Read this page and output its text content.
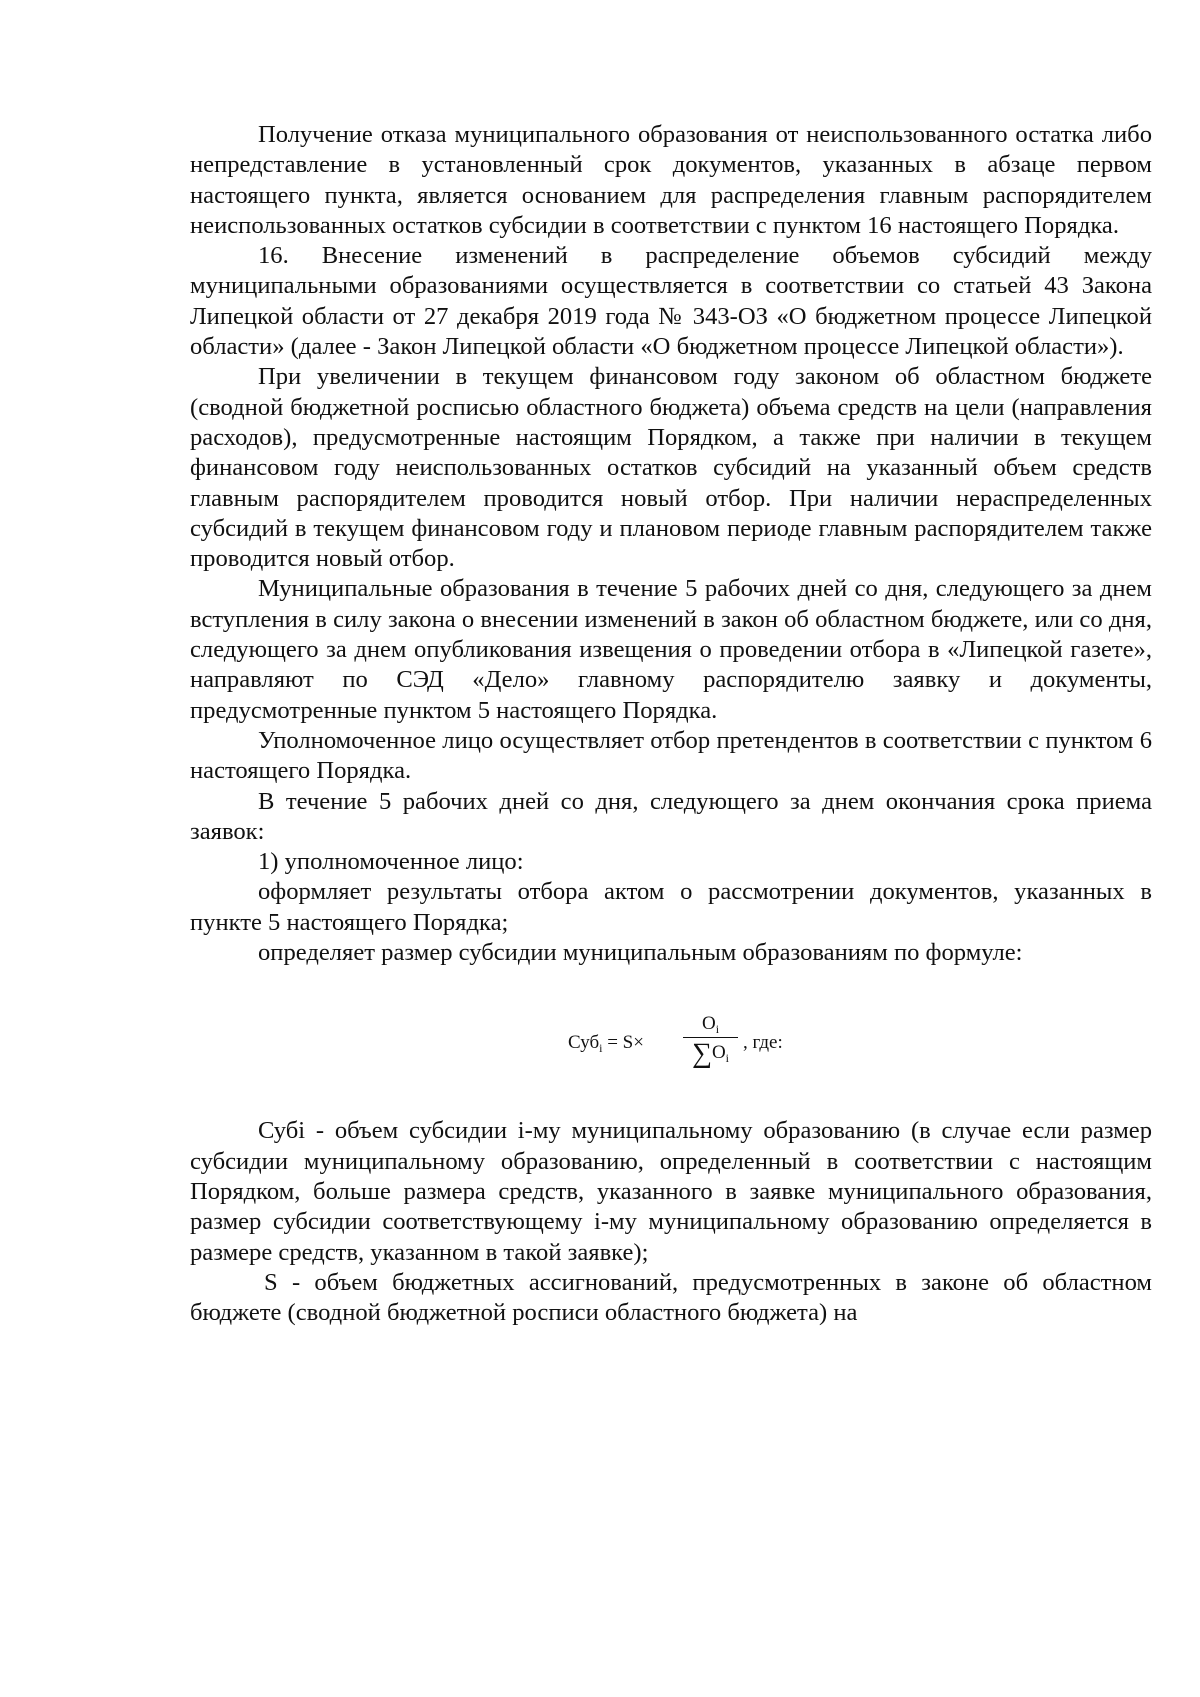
Получение отказа муниципального образования от неиспользованного остатка либо непредставление в установленный срок документов, указанных в абзаце первом настоящего пункта, является основанием для распределения главным распорядителем неиспользованных остатков субсидии в соответствии с пунктом 16 настоящего Порядка.

16. Внесение изменений в распределение объемов субсидий между муниципальными образованиями осуществляется в соответствии со статьей 43 Закона Липецкой области от 27 декабря 2019 года № 343-ОЗ «О бюджетном процессе Липецкой области» (далее - Закон Липецкой области «О бюджетном процессе Липецкой области»).

При увеличении в текущем финансовом году законом об областном бюджете (сводной бюджетной росписью областного бюджета) объема средств на цели (направления расходов), предусмотренные настоящим Порядком, а также при наличии в текущем финансовом году неиспользованных остатков субсидий на указанный объем средств главным распорядителем проводится новый отбор. При наличии нераспределенных субсидий в текущем финансовом году и плановом периоде главным распорядителем также проводится новый отбор.

Муниципальные образования в течение 5 рабочих дней со дня, следующего за днем вступления в силу закона о внесении изменений в закон об областном бюджете, или со дня, следующего за днем опубликования извещения о проведении отбора в «Липецкой газете», направляют по СЭД «Дело» главному распорядителю заявку и документы, предусмотренные пунктом 5 настоящего Порядка.

Уполномоченное лицо осуществляет отбор претендентов в соответствии с пунктом 6 настоящего Порядка.

В течение 5 рабочих дней со дня, следующего за днем окончания срока приема заявок:

1) уполномоченное лицо:

оформляет результаты отбора актом о рассмотрении документов, указанных в пункте 5 настоящего Порядка;

определяет размер субсидии муниципальным образованиям по формуле:

Суб$_i$ = S×
$O_i$
$\sum O_i$
, где:

Субi - объем субсидии i-му муниципальному образованию (в случае если размер субсидии муниципальному образованию, определенный в соответствии с настоящим Порядком, больше размера средств, указанного в заявке муниципального образования, размер субсидии соответствующему i-му муниципальному образованию определяется в размере средств, указанном в такой заявке);

S - объем бюджетных ассигнований, предусмотренных в законе об областном бюджете (сводной бюджетной росписи областного бюджета) на
